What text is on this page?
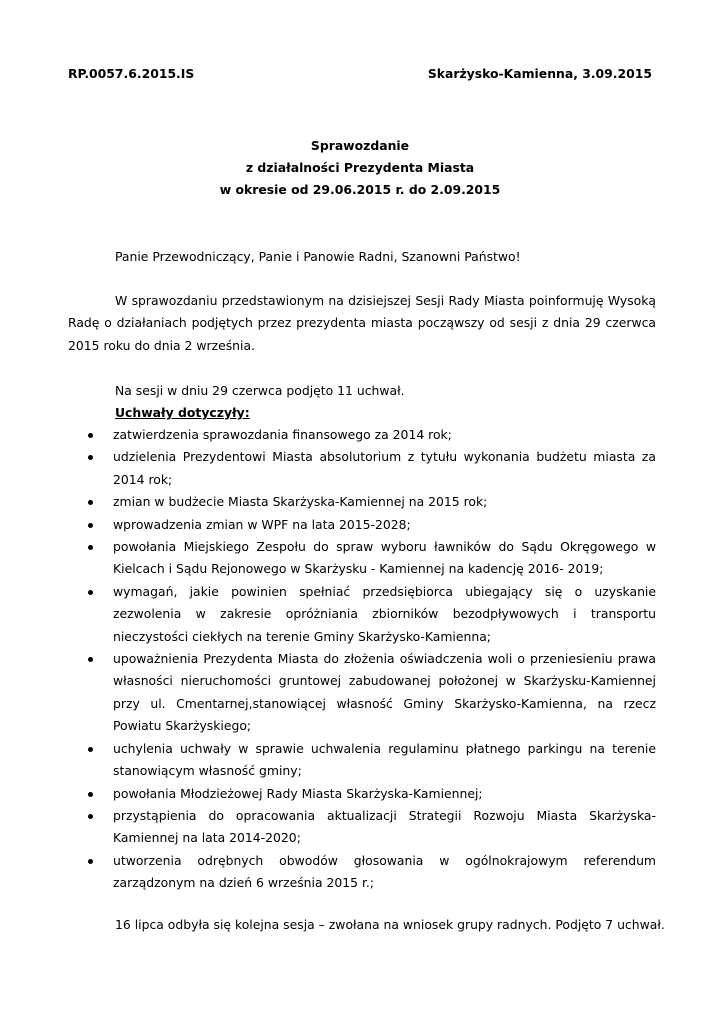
RP.0057.6.2015.IS	Skarżysko-Kamienna, 3.09.2015
Sprawozdanie
z działalności Prezydenta Miasta
w okresie od 29.06.2015 r. do 2.09.2015
Panie Przewodniczący, Panie i Panowie Radni, Szanowni Państwo!
W sprawozdaniu przedstawionym na dzisiejszej Sesji Rady Miasta poinformuję Wysoką Radę o działaniach podjętych przez prezydenta miasta począwszy od sesji z dnia 29 czerwca 2015 roku do dnia 2 września.
Na sesji w dniu 29 czerwca podjęto 11 uchwał.
Uchwały dotyczyły:
zatwierdzenia sprawozdania finansowego za 2014 rok;
udzielenia Prezydentowi Miasta absolutorium z tytułu wykonania budżetu miasta za 2014 rok;
zmian w budżecie Miasta Skarżyska-Kamiennej na 2015 rok;
wprowadzenia zmian w WPF na lata 2015-2028;
powołania Miejskiego Zespołu do spraw wyboru ławników do Sądu Okręgowego w Kielcach i Sądu Rejonowego w Skarżysku - Kamiennej na kadencję 2016- 2019;
wymagań, jakie powinien spełniać przedsiębiorca ubiegający się o uzyskanie zezwolenia w zakresie opróżniania zbiorników bezodpływowych i transportu nieczystości ciekłych na terenie Gminy Skarżysko-Kamienna;
upoważnienia Prezydenta Miasta do złożenia oświadczenia woli o przeniesieniu prawa własności nieruchomości gruntowej zabudowanej położonej w Skarżysku-Kamiennej przy ul. Cmentarnej,stanowiącej własność Gminy Skarżysko-Kamienna, na rzecz Powiatu Skarżyskiego;
uchylenia uchwały w sprawie uchwalenia regulaminu płatnego parkingu na terenie stanowiącym własność gminy;
powołania Młodzieżowej Rady Miasta Skarżyska-Kamiennej;
przystąpienia do opracowania aktualizacji Strategii Rozwoju Miasta Skarżyska-Kamiennej na lata 2014-2020;
utworzenia odrębnych obwodów głosowania w ogólnokrajowym referendum zarządzonym na dzień 6 września 2015 r.;
16 lipca odbyła się kolejna sesja – zwołana na wniosek grupy radnych. Podjęto 7 uchwał.
